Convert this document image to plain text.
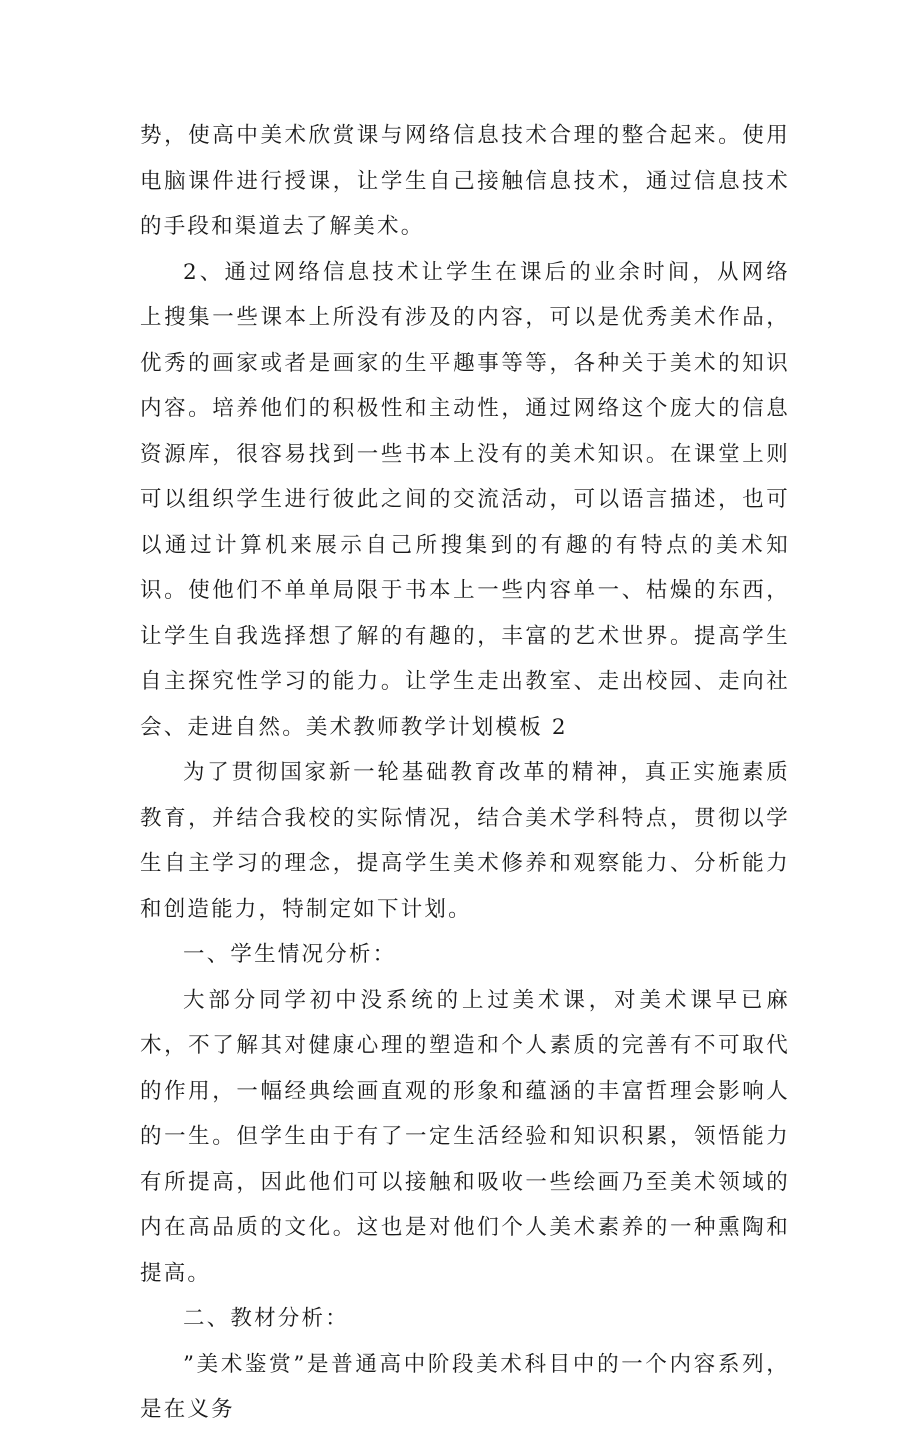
势，使高中美术欣赏课与网络信息技术合理的整合起来。使用电脑课件进行授课，让学生自己接触信息技术，通过信息技术的手段和渠道去了解美术。

2、通过网络信息技术让学生在课后的业余时间，从网络上搜集一些课本上所没有涉及的内容，可以是优秀美术作品，优秀的画家或者是画家的生平趣事等等，各种关于美术的知识内容。培养他们的积极性和主动性，通过网络这个庞大的信息资源库，很容易找到一些书本上没有的美术知识。在课堂上则可以组织学生进行彼此之间的交流活动，可以语言描述，也可以通过计算机来展示自己所搜集到的有趣的有特点的美术知识。使他们不单单局限于书本上一些内容单一、枯燥的东西，让学生自我选择想了解的有趣的，丰富的艺术世界。提高学生自主探究性学习的能力。让学生走出教室、走出校园、走向社会、走进自然。美术教师教学计划模板 2

为了贯彻国家新一轮基础教育改革的精神，真正实施素质教育，并结合我校的实际情况，结合美术学科特点，贯彻以学生自主学习的理念，提高学生美术修养和观察能力、分析能力和创造能力，特制定如下计划。

一、学生情况分析：

大部分同学初中没系统的上过美术课，对美术课早已麻木，不了解其对健康心理的塑造和个人素质的完善有不可取代的作用，一幅经典绘画直观的形象和蕴涵的丰富哲理会影响人的一生。但学生由于有了一定生活经验和知识积累，领悟能力有所提高，因此他们可以接触和吸收一些绘画乃至美术领域的内在高品质的文化。这也是对他们个人美术素养的一种熏陶和提高。

二、教材分析：

”美术鉴赏”是普通高中阶段美术科目中的一个内容系列，是在义务
